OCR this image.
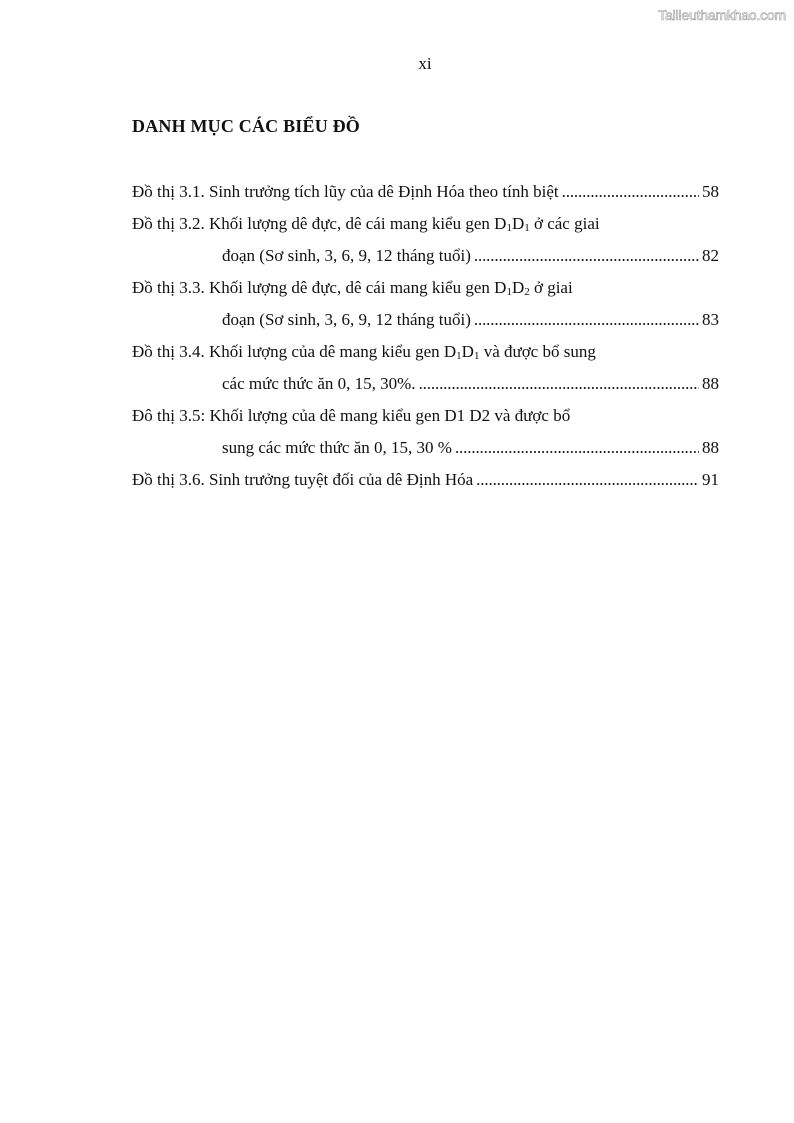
Tailieuthamkhao.com
xi
DANH MỤC CÁC BIỂU ĐỒ
Đồ thị 3.1. Sinh trưởng tích lũy của dê Định Hóa theo tính biệt . . .	58
Đồ thị 3.2. Khối lượng dê đực, dê cái mang kiểu gen $D_1D_1$ ở các giai
đoạn (Sơ sinh, 3, 6, 9, 12 tháng tuổi) . . .	82
Đồ thị 3.3. Khối lượng dê đực, dê cái mang kiểu gen $D_1D_2$ ở giai
đoạn (Sơ sinh, 3, 6, 9, 12 tháng tuổi) . . .	83
Đồ thị 3.4. Khối lượng của dê mang kiểu gen $D_1D_1$ và được bổ sung
các mức thức ăn 0, 15, 30%. . . .	88
Đô thị 3.5: Khối lượng của dê mang kiểu gen D1 D2 và được bổ
sung các mức thức ăn 0, 15, 30 % . . .	88
Đồ thị 3.6. Sinh trưởng tuyệt đối của dê Định Hóa . . .	91
